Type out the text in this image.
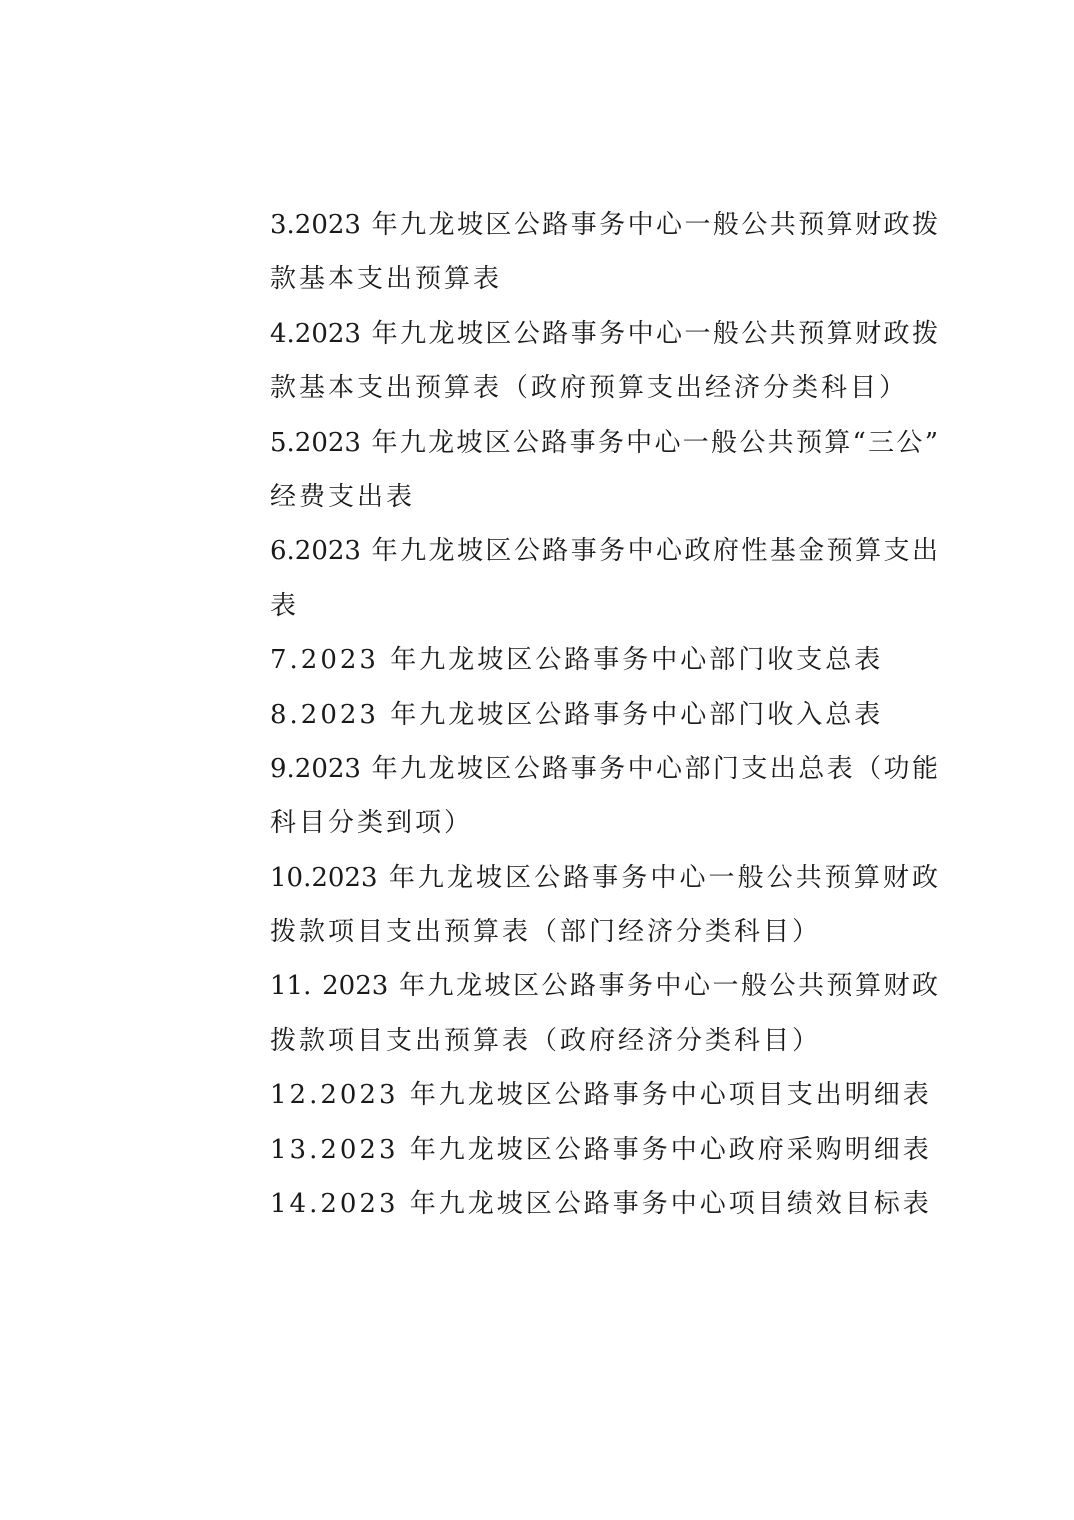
3.2023 年九龙坡区公路事务中心一般公共预算财政拨
款基本支出预算表
4.2023 年九龙坡区公路事务中心一般公共预算财政拨
款基本支出预算表（政府预算支出经济分类科目）
5.2023 年九龙坡区公路事务中心一般公共预算“三公”
经费支出表
6.2023 年九龙坡区公路事务中心政府性基金预算支出
表
7.2023 年九龙坡区公路事务中心部门收支总表
8.2023 年九龙坡区公路事务中心部门收入总表
9.2023 年九龙坡区公路事务中心部门支出总表（功能
科目分类到项）
10.2023 年九龙坡区公路事务中心一般公共预算财政
拨款项目支出预算表（部门经济分类科目）
11. 2023 年九龙坡区公路事务中心一般公共预算财政
拨款项目支出预算表（政府经济分类科目）
12.2023 年九龙坡区公路事务中心项目支出明细表
13.2023 年九龙坡区公路事务中心政府采购明细表
14.2023 年九龙坡区公路事务中心项目绩效目标表
